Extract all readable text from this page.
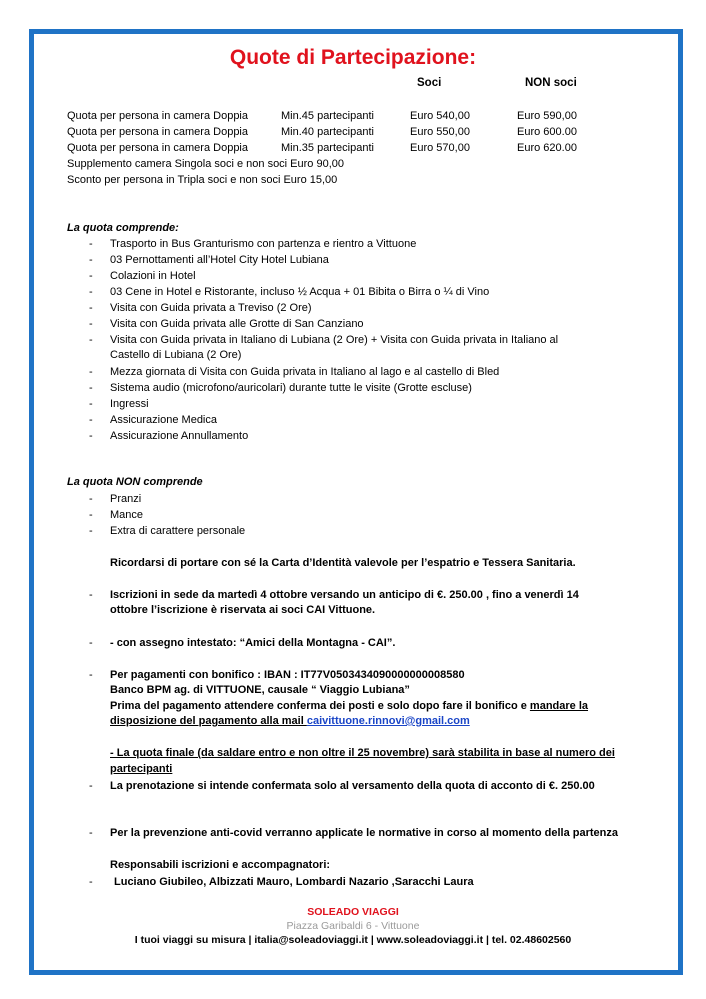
Quote di Partecipazione:
Soci	NON soci
Quota per persona in camera Doppia	Min.45 partecipanti	Euro 540,00	Euro 590,00
Quota per persona in camera Doppia	Min.40 partecipanti	Euro 550,00	Euro 600.00
Quota per persona in camera Doppia	Min.35 partecipanti	Euro 570,00	Euro 620.00
Supplemento camera Singola soci e non soci Euro 90,00
Sconto per persona in Tripla soci e non soci Euro 15,00
La quota comprende:
- Trasporto in Bus Granturismo con partenza e rientro a Vittuone
- 03 Pernottamenti all’Hotel City Hotel Lubiana
- Colazioni in Hotel
- 03 Cene in Hotel e Ristorante, incluso ½ Acqua + 01 Bibita o Birra o ¼ di Vino
- Visita con Guida privata a Treviso (2 Ore)
- Visita con Guida privata alle Grotte di San Canziano
- Visita con Guida privata in Italiano di Lubiana (2 Ore) + Visita con Guida privata in Italiano al
Castello di Lubiana (2 Ore)
- Mezza giornata di Visita con Guida privata in Italiano al lago e al castello di Bled
- Sistema audio (microfono/auricolari) durante tutte le visite (Grotte escluse)
- Ingressi
- Assicurazione Medica
- Assicurazione Annullamento
La quota NON comprende
- Pranzi
- Mance
- Extra di carattere personale
Ricordarsi di portare con sé la Carta d’Identità valevole per l’espatrio e Tessera Sanitaria.
- Iscrizioni in sede da martedì 4 ottobre versando un anticipo di €. 250.00 , fino a venerdì 14
ottobre l’iscrizione è riservata ai soci CAI Vittuone.
- - con assegno intestato: “Amici della Montagna - CAI”.
- Per pagamenti con bonifico : IBAN : IT77V0503434090000000008580
Banco BPM ag. di VITTUONE, causale “ Viaggio Lubiana”
Prima del pagamento attendere conferma dei posti e solo dopo fare il bonifico e mandare la
disposizione del pagamento alla mail caivittuone.rinnovi@gmail.com
- La quota finale (da saldare entro e non oltre il 25 novembre) sarà stabilita in base al numero dei
partecipanti
- La prenotazione si intende confermata solo al versamento della quota di acconto di €. 250.00
- Per la prevenzione anti-covid verranno applicate le normative in corso al momento della partenza
Responsabili iscrizioni e accompagnatori:
- Luciano Giubileo, Albizzati Mauro, Lombardi Nazario ,Saracchi Laura
SOLEADO VIAGGI
Piazza Garibaldi 6 - Vittuone
I tuoi viaggi su misura | italia@soleadoviaggi.it | www.soleadoviaggi.it | tel. 02.48602560
